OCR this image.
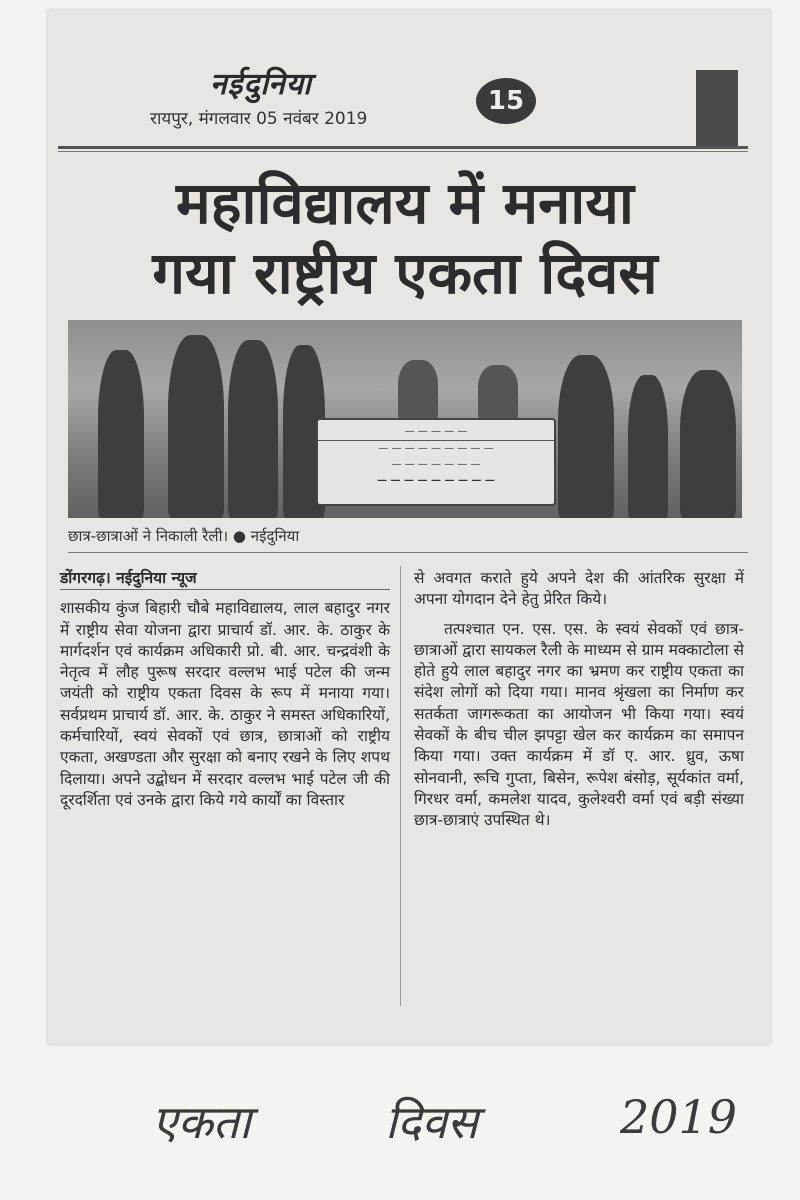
नईदुनिया
रायपुर, मंगलवार 05 नवंबर 2019
15
महाविद्यालय में मनाया
गया राष्ट्रीय एकता दिवस
— — — — —
— — — — — — — — —
— — — — — — —
— — — — — — — — —
छात्र-छात्राओं ने निकाली रैली। ● नईदुनिया
डोंगरगढ़। नईदुनिया न्यूज
शासकीय कुंज बिहारी चौबे महाविद्यालय, लाल बहादुर नगर में राष्ट्रीय सेवा योजना द्वारा प्राचार्य डॉ. आर. के. ठाकुर के मार्गदर्शन एवं कार्यक्रम अधिकारी प्रो. बी. आर. चन्द्रवंशी के नेतृत्व में लौह पुरूष सरदार वल्लभ भाई पटेल की जन्म जयंती को राष्ट्रीय एकता दिवस के रूप में मनाया गया। सर्वप्रथम प्राचार्य डॉ. आर. के. ठाकुर ने समस्त अधिकारियों, कर्मचारियों, स्वयं सेवकों एवं छात्र, छात्राओं को राष्ट्रीय एकता, अखण्डता और सुरक्षा को बनाए रखने के लिए शपथ दिलाया। अपने उद्बोधन में सरदार वल्लभ भाई पटेल जी की दूरदर्शिता एवं उनके द्वारा किये गये कार्यों का विस्तार
से अवगत कराते हुये अपने देश की आंतरिक सुरक्षा में अपना योगदान देने हेतु प्रेरित किये।
तत्पश्चात एन. एस. एस. के स्वयं सेवकों एवं छात्र-छात्राओं द्वारा सायकल रैली के माध्यम से ग्राम मक्काटोला से होते हुये लाल बहादुर नगर का भ्रमण कर राष्ट्रीय एकता का संदेश लोगों को दिया गया। मानव श्रृंखला का निर्माण कर सतर्कता जागरूकता का आयोजन भी किया गया। स्वयं सेवकों के बीच चील झपट्टा खेल कर कार्यक्रम का समापन किया गया। उक्त कार्यक्रम में डॉ ए. आर. ध्रुव, ऊषा सोनवानी, रूचि गुप्ता, बिसेन, रूपेश बंसोड़, सूर्यकांत वर्मा, गिरधर वर्मा, कमलेश यादव, कुलेश्वरी वर्मा एवं बड़ी संख्या छात्र-छात्राएं उपस्थित थे।
एकता	दिवस	2019
